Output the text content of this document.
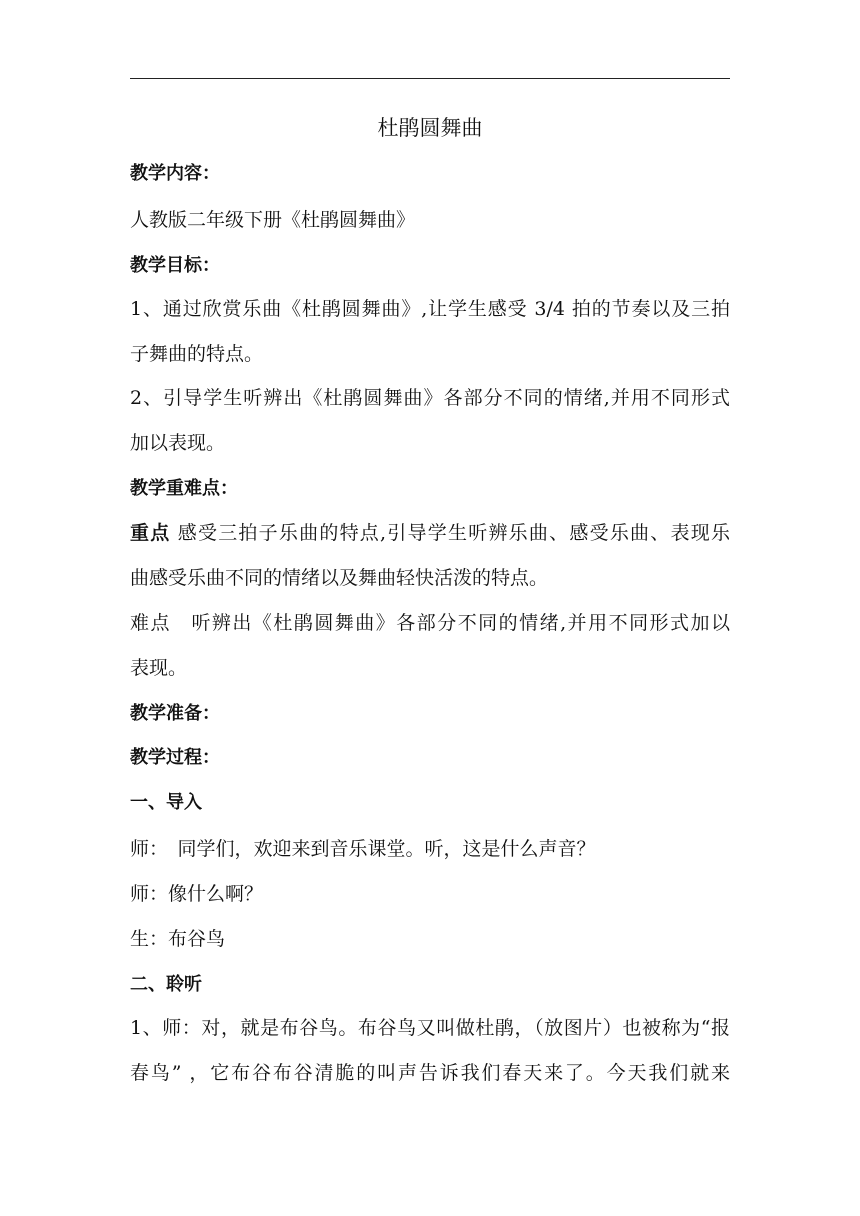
杜鹃圆舞曲
教学内容：
人教版二年级下册《杜鹃圆舞曲》
教学目标：
1、通过欣赏乐曲《杜鹃圆舞曲》,让学生感受 3/4 拍的节奏以及三拍
子舞曲的特点。
2、引导学生听辨出《杜鹃圆舞曲》各部分不同的情绪,并用不同形式
加以表现。
教学重难点：
重点 感受三拍子乐曲的特点,引导学生听辨乐曲、感受乐曲、表现乐
曲感受乐曲不同的情绪以及舞曲轻快活泼的特点。
难点　听辨出《杜鹃圆舞曲》各部分不同的情绪,并用不同形式加以
表现。
教学准备：
教学过程：
一、导入
师：　同学们，欢迎来到音乐课堂。听，这是什么声音？
师：像什么啊？
生：布谷鸟
二、聆听
1、师：对，就是布谷鸟。布谷鸟又叫做杜鹃，（放图片）也被称为“报
春鸟” ，它布谷布谷清脆的叫声告诉我们春天来了。今天我们就来
